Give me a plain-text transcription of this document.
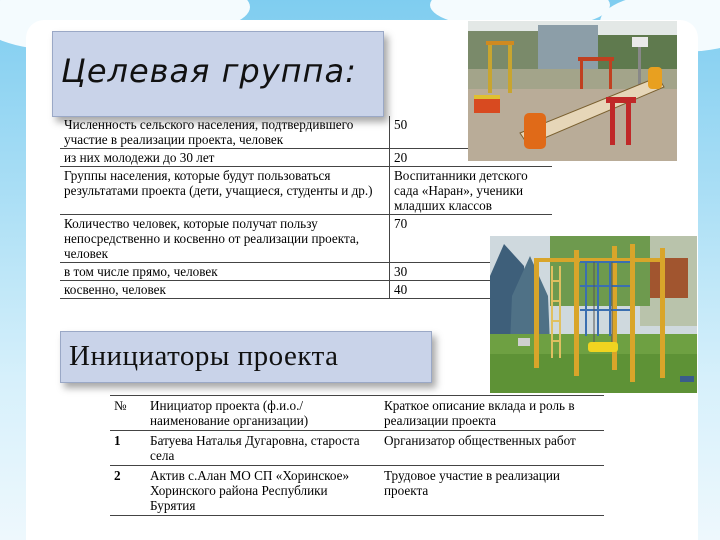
Целевая группа:
Численность сельского населения, подтвердившего участие в реализации проекта, человек	50
из них молодежи до 30 лет	20
Группы населения, которые будут пользоваться результатами проекта (дети, учащиеся, студенты и др.)	Воспитанники детского сада «Наран», ученики младших классов
Количество человек, которые получат пользу непосредственно и косвенно от реализации проекта, человек	70
в том числе прямо, человек	30
косвенно, человек	40
Инициаторы проекта
№	Инициатор проекта (ф.и.о./наименование организации)	Краткое описание вклада и роль в реализации проекта
1	Батуева Наталья Дугаровна, староста села	Организатор общественных работ
2	Актив с.Алан МО СП «Хоринское» Хоринского района Республики Бурятия	Трудовое участие в реализации проекта
